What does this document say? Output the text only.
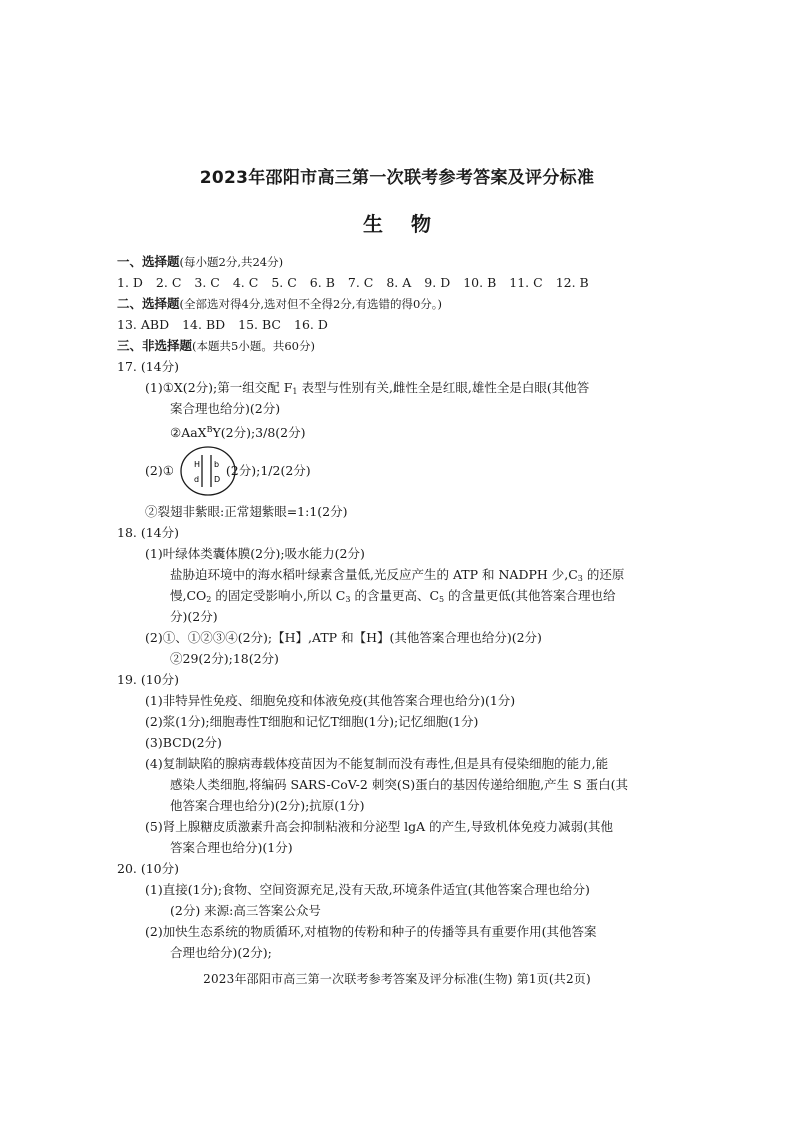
2023年邵阳市高三第一次联考参考答案及评分标准
生 物
一、选择题(每小题2分,共24分)
1. D 2. C 3. C 4. C 5. C 6. B 7. C 8. A 9. D 10. B 11. C 12. B
二、选择题(全部选对得4分,选对但不全得2分,有选错的得0分。)
13. ABD 14. BD 15. BC 16. D
三、非选择题(本题共5小题。共60分)
17. (14分)
(1)①X(2分);第一组交配 $F_1$ 表型与性别有关,雌性全是红眼,雄性全是白眼(其他答
案合理也给分)(2分)
②AaX$^B$Y(2分);3/8(2分)
(2)①	(2分);1/2(2分)
H b
d D
②裂翅非紫眼:正常翅紫眼=1:1(2分)
18. (14分)
(1)叶绿体类囊体膜(2分);吸水能力(2分)
盐胁迫环境中的海水稻叶绿素含量低,光反应产生的 ATP 和 NADPH 少$,C_3$ 的还原
慢$,CO_2$ 的固定受影响小,所以 $C_3$ 的含量更高、$C_5$ 的含量更低(其他答案合理也给
分)(2分)
(2)①、①②③④(2分);【H】,ATP 和【H】(其他答案合理也给分)(2分)
②29(2分);18(2分)
19. (10分)
(1)非特异性免疫、细胞免疫和体液免疫(其他答案合理也给分)(1分)
(2)浆(1分);细胞毒性T细胞和记忆T细胞(1分);记忆细胞(1分)
(3)BCD(2分)
(4)复制缺陷的腺病毒载体疫苗因为不能复制而没有毒性,但是具有侵染细胞的能力,能
感染人类细胞,将编码 SARS-CoV-2 刺突(S)蛋白的基因传递给细胞,产生 S 蛋白(其
他答案合理也给分)(2分);抗原(1分)
(5)肾上腺糖皮质激素升高会抑制粘液和分泌型 lgA 的产生,导致机体免疫力减弱(其他
答案合理也给分)(1分)
20. (10分)
(1)直接(1分);食物、空间资源充足,没有天敌,环境条件适宜(其他答案合理也给分)
(2分) 来源:高三答案公众号
(2)加快生态系统的物质循环,对植物的传粉和种子的传播等具有重要作用(其他答案
合理也给分)(2分);
2023年邵阳市高三第一次联考参考答案及评分标准(生物) 第1页(共2页)
